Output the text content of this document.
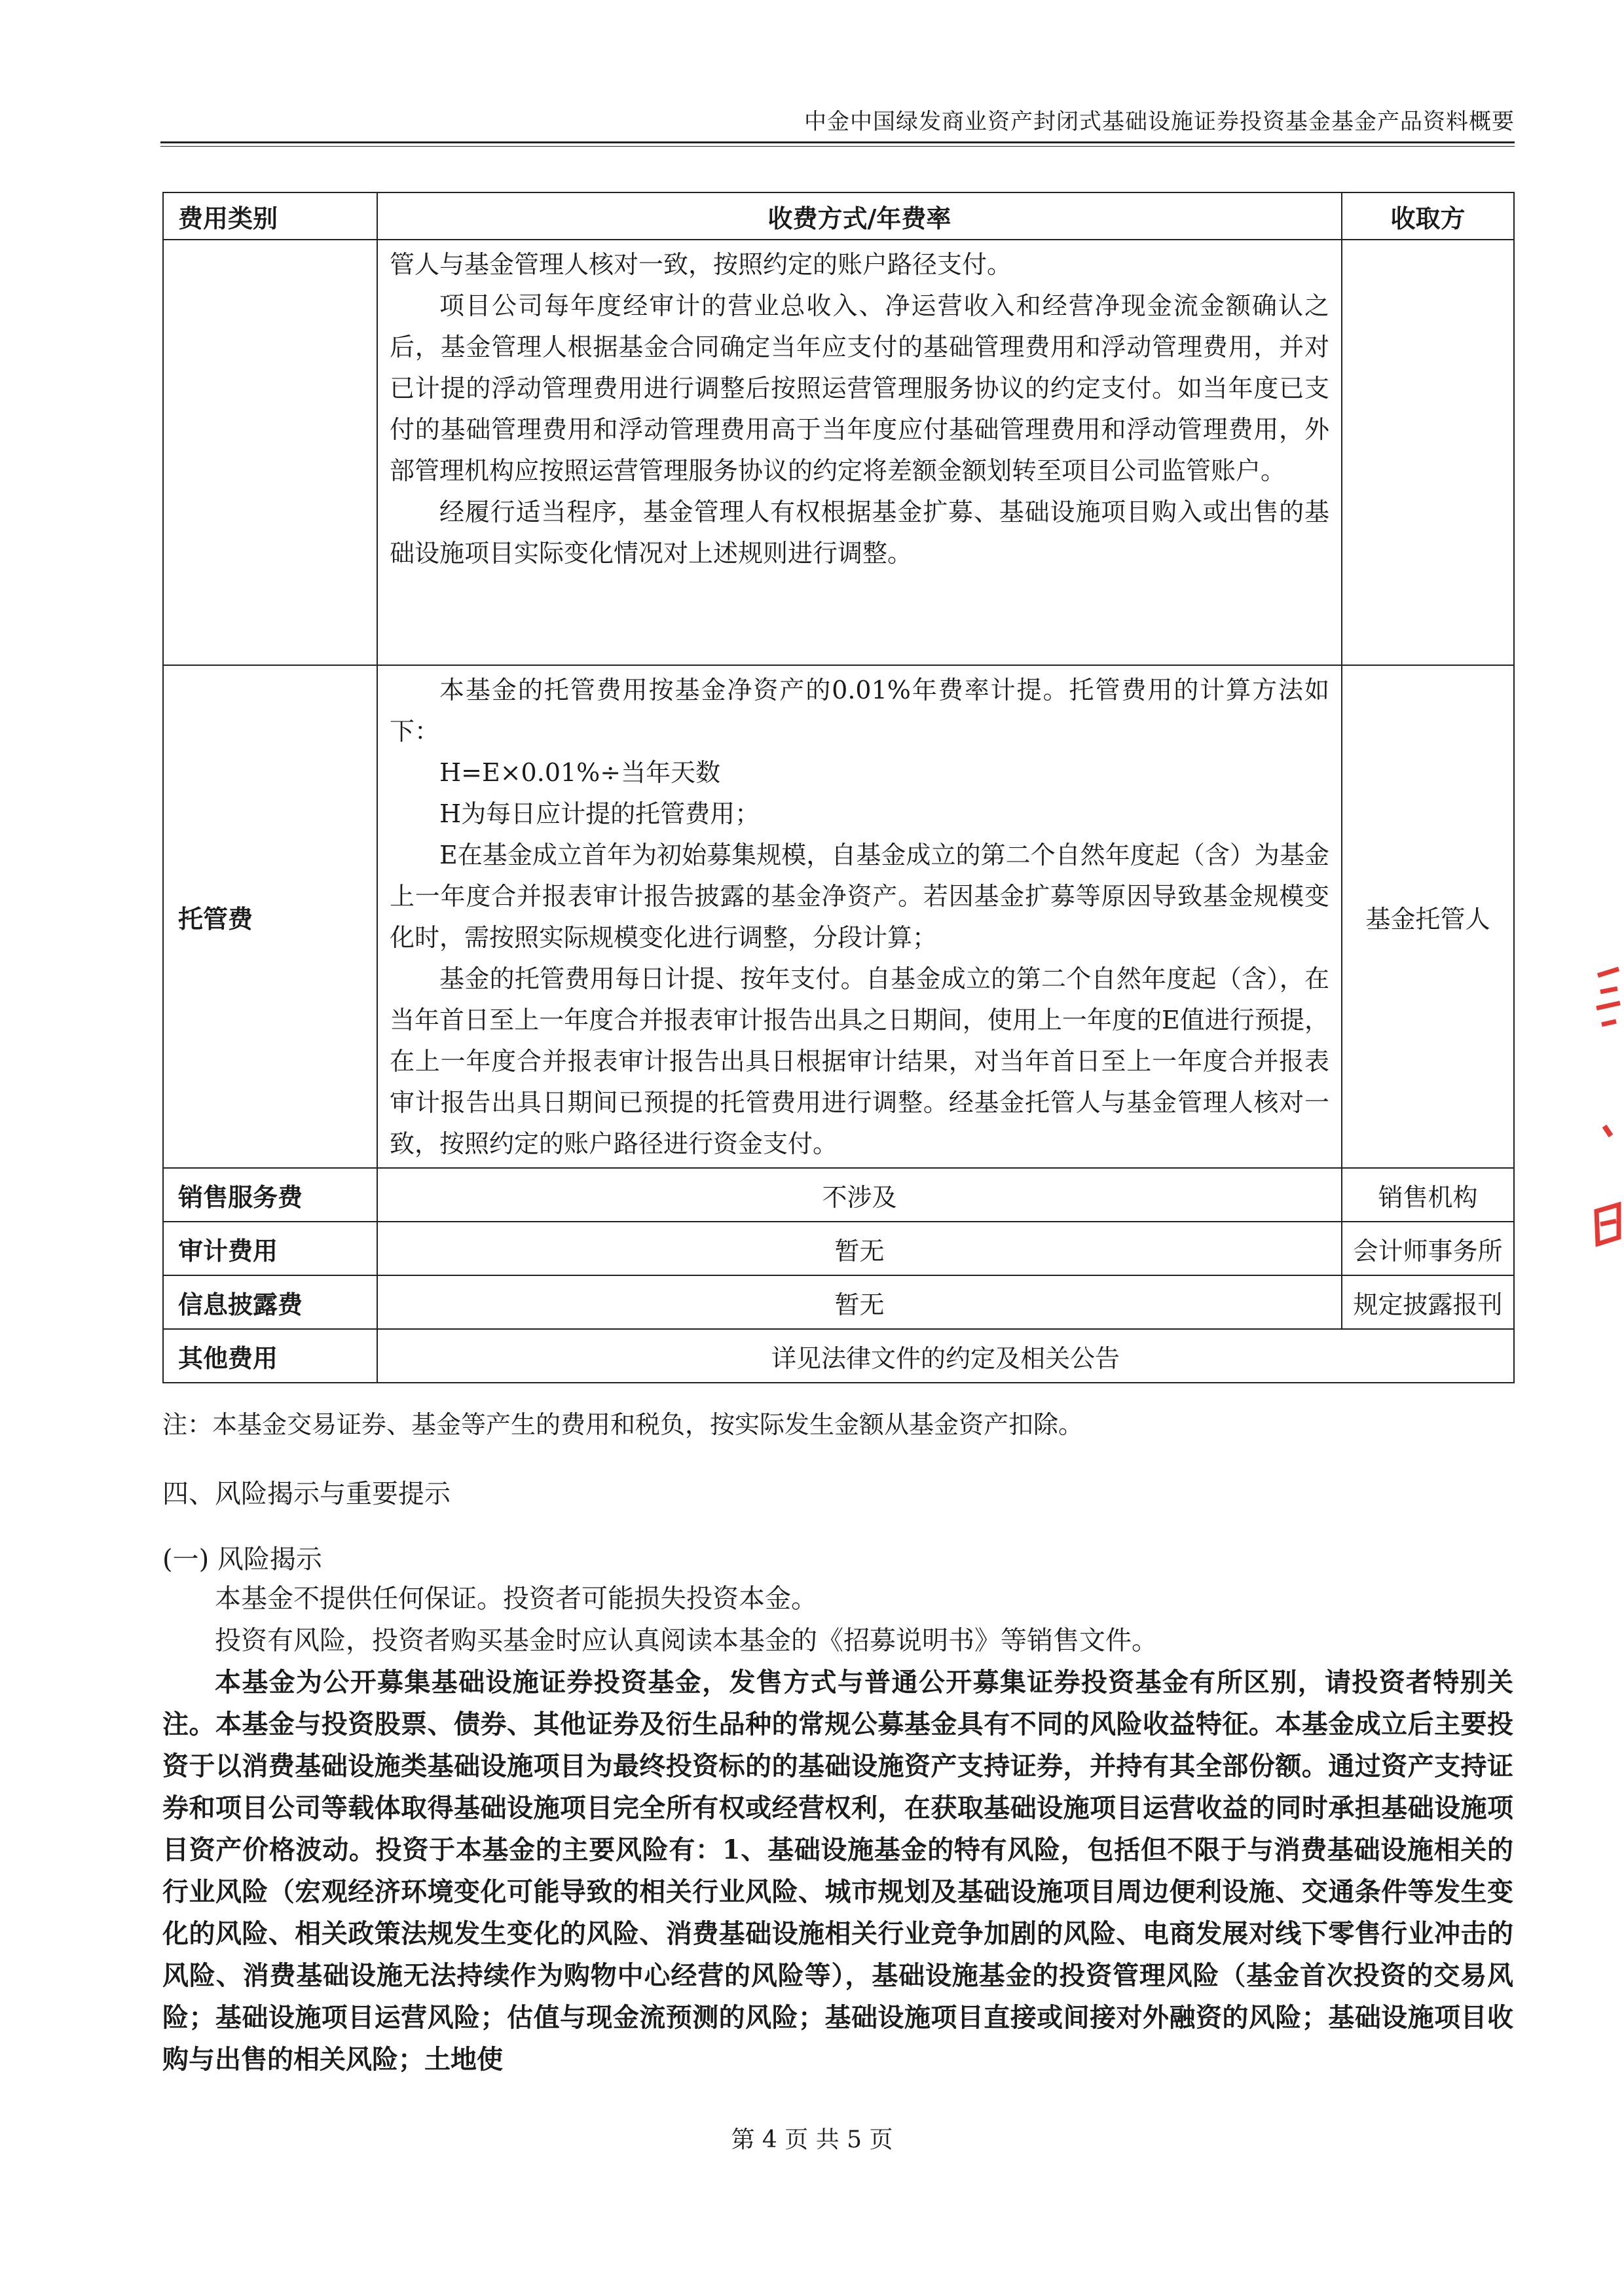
中金中国绿发商业资产封闭式基础设施证券投资基金基金产品资料概要
费用类别	收费方式/年费率	收取方

	管人与基金管理人核对一致，按照约定的账户路径支付。

项目公司每年度经审计的营业总收入、净运营收入和经营净现金流金额确认之后，基金管理人根据基金合同确定当年应支付的基础管理费用和浮动管理费用，并对已计提的浮动管理费用进行调整后按照运营管理服务协议的约定支付。如当年度已支付的基础管理费用和浮动管理费用高于当年度应付基础管理费用和浮动管理费用，外部管理机构应按照运营管理服务协议的约定将差额金额划转至项目公司监管账户。

经履行适当程序，基金管理人有权根据基金扩募、基础设施项目购入或出售的基础设施项目实际变化情况对上述规则进行调整。	

托管费	本基金的托管费用按基金净资产的0.01%年费率计提。托管费用的计算方法如下：

H=E×0.01%÷当年天数

H为每日应计提的托管费用；

E在基金成立首年为初始募集规模，自基金成立的第二个自然年度起（含）为基金上一年度合并报表审计报告披露的基金净资产。若因基金扩募等原因导致基金规模变化时，需按照实际规模变化进行调整，分段计算；

基金的托管费用每日计提、按年支付。自基金成立的第二个自然年度起（含），在当年首日至上一年度合并报表审计报告出具之日期间，使用上一年度的E值进行预提，在上一年度合并报表审计报告出具日根据审计结果，对当年首日至上一年度合并报表审计报告出具日期间已预提的托管费用进行调整。经基金托管人与基金管理人核对一致，按照约定的账户路径进行资金支付。	基金托管人
销售服务费	不涉及	销售机构
审计费用	暂无	会计师事务所
信息披露费	暂无	规定披露报刊
其他费用	详见法律文件的约定及相关公告	
注：本基金交易证券、基金等产生的费用和税负，按实际发生金额从基金资产扣除。
四、风险揭示与重要提示
(一) 风险揭示

本基金不提供任何保证。投资者可能损失投资本金。

投资有风险，投资者购买基金时应认真阅读本基金的《招募说明书》等销售文件。

本基金为公开募集基础设施证券投资基金，发售方式与普通公开募集证券投资基金有所区别，请投资者特别关注。本基金与投资股票、债券、其他证券及衍生品种的常规公募基金具有不同的风险收益特征。本基金成立后主要投资于以消费基础设施类基础设施项目为最终投资标的的基础设施资产支持证券，并持有其全部份额。通过资产支持证券和项目公司等载体取得基础设施项目完全所有权或经营权利，在获取基础设施项目运营收益的同时承担基础设施项目资产价格波动。投资于本基金的主要风险有：1、基础设施基金的特有风险，包括但不限于与消费基础设施相关的行业风险（宏观经济环境变化可能导致的相关行业风险、城市规划及基础设施项目周边便利设施、交通条件等发生变化的风险、相关政策法规发生变化的风险、消费基础设施相关行业竞争加剧的风险、电商发展对线下零售行业冲击的风险、消费基础设施无法持续作为购物中心经营的风险等），基础设施基金的投资管理风险（基金首次投资的交易风险；基础设施项目运营风险；估值与现金流预测的风险；基础设施项目直接或间接对外融资的风险；基础设施项目收购与出售的相关风险；土地使

第 4 页 共 5 页
